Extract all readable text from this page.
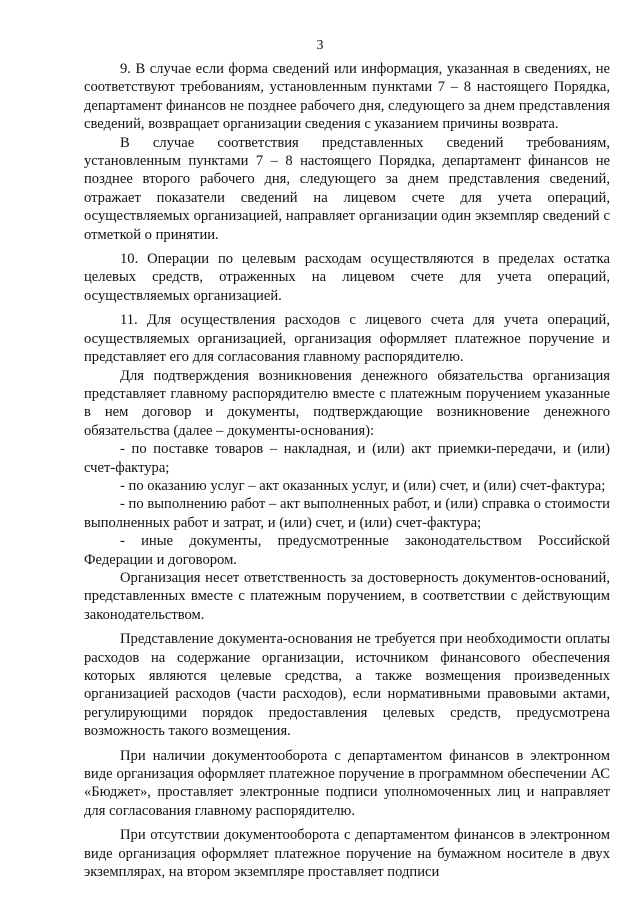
3

9. В случае если форма сведений или информация, указанная в сведениях, не соответствуют требованиям, установленным пунктами 7 – 8 настоящего Порядка, департамент финансов не позднее рабочего дня, следующего за днем представления сведений, возвращает организации сведения с указанием причины возврата.

В случае соответствия представленных сведений требованиям, установленным пунктами 7 – 8 настоящего Порядка, департамент финансов не позднее второго рабочего дня, следующего за днем представления сведений, отражает показатели сведений на лицевом счете для учета операций, осуществляемых организацией, направляет организации один экземпляр сведений с отметкой о принятии.

10. Операции по целевым расходам осуществляются в пределах остатка целевых средств, отраженных на лицевом счете для учета операций, осуществляемых организацией.

11. Для осуществления расходов с лицевого счета для учета операций, осуществляемых организацией, организация оформляет платежное поручение и представляет его для согласования главному распорядителю.

Для подтверждения возникновения денежного обязательства организация представляет главному распорядителю вместе с платежным поручением указанные в нем договор и документы, подтверждающие возникновение денежного обязательства (далее – документы-основания):

- по поставке товаров – накладная, и (или) акт приемки-передачи, и (или) счет-фактура;

- по оказанию услуг – акт оказанных услуг, и (или) счет, и (или) счет-фактура;

- по выполнению работ – акт выполненных работ, и (или) справка о стоимости выполненных работ и затрат, и (или) счет, и (или) счет-фактура;

- иные документы, предусмотренные законодательством Российской Федерации и договором.

Организация несет ответственность за достоверность документов-оснований, представленных вместе с платежным поручением, в соответствии с действующим законодательством.

Представление документа-основания не требуется при необходимости оплаты расходов на содержание организации, источником финансового обеспечения которых являются целевые средства, а также возмещения произведенных организацией расходов (части расходов), если нормативными правовыми актами, регулирующими порядок предоставления целевых средств, предусмотрена возможность такого возмещения.

При наличии документооборота с департаментом финансов в электронном виде организация оформляет платежное поручение в программном обеспечении АС «Бюджет», проставляет электронные подписи уполномоченных лиц и направляет для согласования главному распорядителю.

При отсутствии документооборота с департаментом финансов в электронном виде организация оформляет платежное поручение на бумажном носителе в двух экземплярах, на втором экземпляре проставляет подписи
